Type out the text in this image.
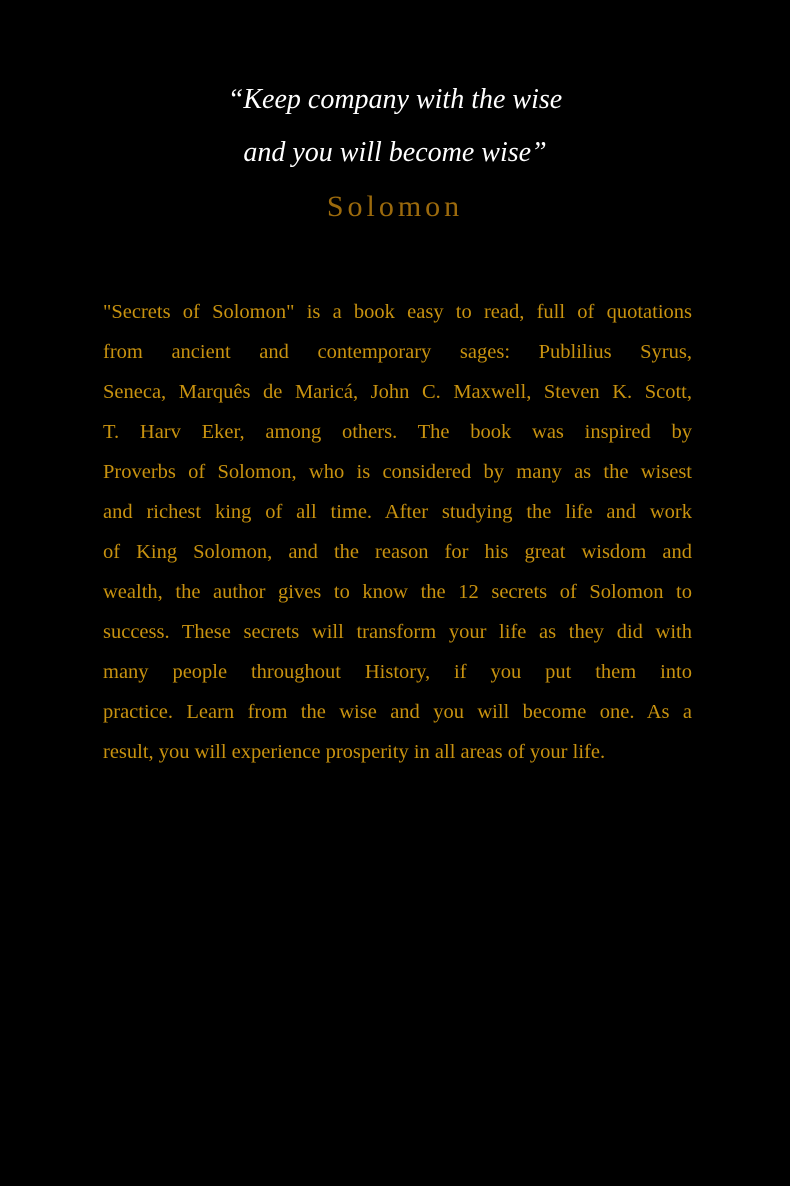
“Keep company with the wise
and you will become wise”
Solomon
"Secrets of Solomon" is a book easy to read, full of quotations
from ancient and contemporary sages: Publilius Syrus,
Seneca, Marquês de Maricá, John C. Maxwell, Steven K. Scott,
T. Harv Eker, among others. The book was inspired by
Proverbs of Solomon, who is considered by many as the wisest
and richest king of all time. After studying the life and work
of King Solomon, and the reason for his great wisdom and
wealth, the author gives to know the 12 secrets of Solomon to
success. These secrets will transform your life as they did with
many people throughout History, if you put them into
practice. Learn from the wise and you will become one. As a
result, you will experience prosperity in all areas of your life.
